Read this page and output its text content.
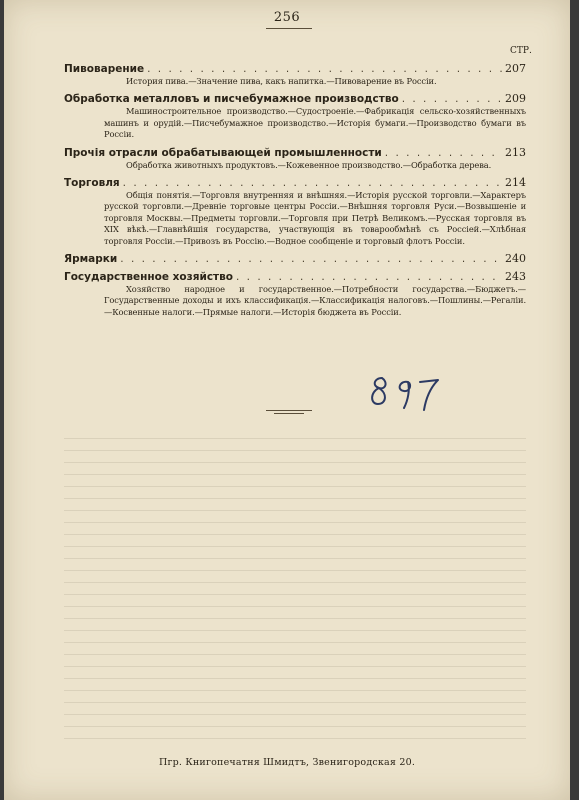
256
СТР.
Пивоварение . . .	207
История пива.—Значение пива, какъ напитка.—Пивоварение въ Россіи.
Обработка металловъ и писчебумажное производство . . .	209
Машиностроительное производство.—Судостроеніе.—Фабрикація сельско-хозяйственныхъ машинъ и орудій.—Писчебумажное производство.—Исторія бумаги.—Производство бумаги въ Россіи.
Прочія отрасли обрабатывающей промышленности . . .	213
Обработка животныхъ продуктовъ.—Кожевенное производство.—Обработка дерева.
Торговля . . .	214
Общія понятія.—Торговля внутренняя и внѣшняя.—Исторія русской торговли.—Характеръ русской торговли.—Древніе торговые центры Россіи.—Внѣшняя торговля Руси.—Возвышеніе и торговля Москвы.—Предметы торговли.—Торговля при Петрѣ Великомъ.—Русская торговля въ XIX вѣкѣ.—Главнѣйшія государства, участвующія въ товарообмѣнѣ съ Россіей.—Хлѣбная торговля Россіи.—Привозъ въ Россію.—Водное сообщеніе и торговый флотъ Россіи.
Ярмарки . . .	240
Государственное хозяйство . . .	243
Хозяйство народное и государственное.—Потребности государства.—Бюджетъ.—Государственные доходы и ихъ классификація.—Классификація налоговъ.—Пошлины.—Регаліи.—Косвенные налоги.—Прямые налоги.—Исторія бюджета въ Россіи.
Пгр. Книгопечатня Шмидтъ, Звенигородская 20.
